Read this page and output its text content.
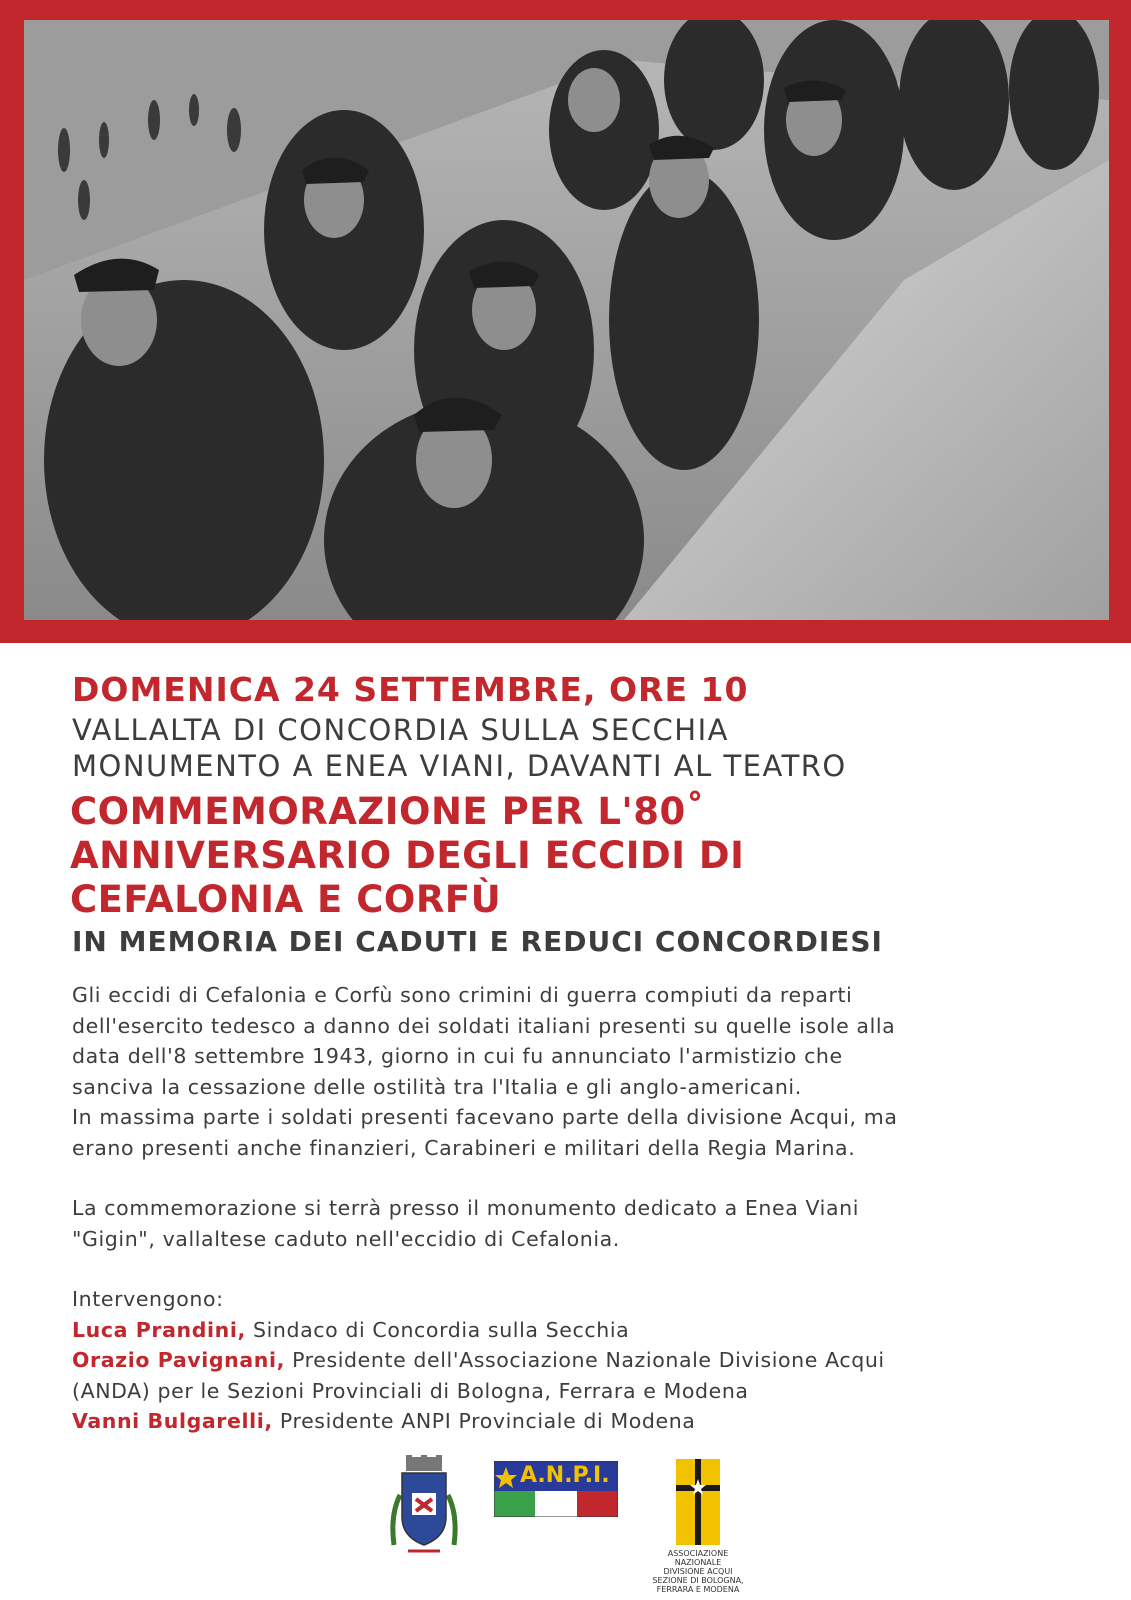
DOMENICA 24 SETTEMBRE, ORE 10

VALLALTA DI CONCORDIA SULLA SECCHIA

MONUMENTO A ENEA VIANI, DAVANTI AL TEATRO

COMMEMORAZIONE PER L'80˚
ANNIVERSARIO DEGLI ECCIDI DI
CEFALONIA E CORFÙ
IN MEMORIA DEI CADUTI E REDUCI CONCORDIESI

Gli eccidi di Cefalonia e Corfù sono crimini di guerra compiuti da reparti

dell'esercito tedesco a danno dei soldati italiani presenti su quelle isole alla

data dell'8 settembre 1943, giorno in cui fu annunciato l'armistizio che

sanciva la cessazione delle ostilità tra l'Italia e gli anglo-americani.

In massima parte i soldati presenti facevano parte della divisione Acqui, ma

erano presenti anche finanzieri, Carabineri e militari della Regia Marina.

La commemorazione si terrà presso il monumento dedicato a Enea Viani

"Gigin", vallaltese caduto nell'eccidio di Cefalonia.

Intervengono:

Luca Prandini, Sindaco di Concordia sulla Secchia

Orazio Pavignani, Presidente dell'Associazione Nazionale Divisione Acqui

(ANDA) per le Sezioni Provinciali di Bologna, Ferrara e Modena

Vanni Bulgarelli, Presidente ANPI Provinciale di Modena

A.N.P.I.
ASSOCIAZIONE NAZIONALE
DIVISIONE ACQUI
SEZIONE DI BOLOGNA,
FERRARA E MODENA
